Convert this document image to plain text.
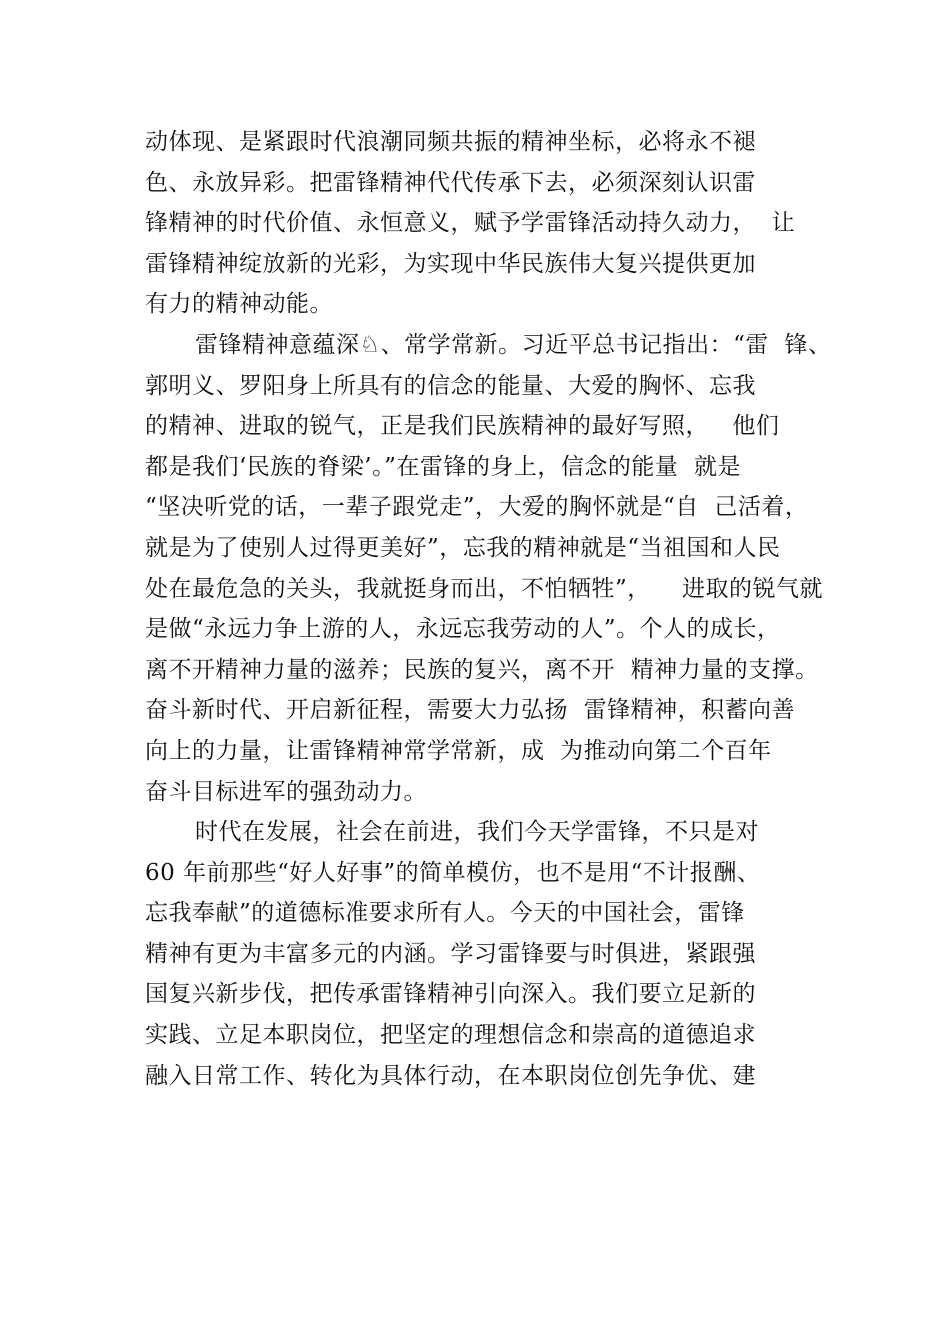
动体现、是紧跟时代浪潮同频共振的精神坐标，必将永不褪
色、永放异彩。把雷锋精神代代传承下去，必须深刻认识雷
锋精神的时代价值、永恒意义，赋予学雷锋活动持久动力，  让
雷锋精神绽放新的光彩，为实现中华民族伟大复兴提供更加
有力的精神动能。
雷锋精神意蕴深♘、常学常新。习近平总书记指出：“雷  锋、
郭明义、罗阳身上所具有的信念的能量、大爱的胸怀、忘我
的精神、进取的锐气，正是我们民族精神的最好写照，   他们
都是我们‘民族的脊梁’。”在雷锋的身上，信念的能量  就是
“坚决听党的话，一辈子跟党走”，大爱的胸怀就是“自  己活着，
就是为了使别人过得更美好”，忘我的精神就是“当祖国和人民
处在最危急的关头，我就挺身而出，不怕牺牲”，    进取的锐气就
是做“永远力争上游的人，永远忘我劳动的人”。个人的成长，
离不开精神力量的滋养；民族的复兴，离不开  精神力量的支撑。
奋斗新时代、开启新征程，需要大力弘扬  雷锋精神，积蓄向善
向上的力量，让雷锋精神常学常新，成  为推动向第二个百年
奋斗目标进军的强劲动力。
时代在发展，社会在前进，我们今天学雷锋，不只是对
60 年前那些“好人好事”的简单模仿，也不是用“不计报酬、
忘我奉献”的道德标准要求所有人。今天的中国社会，雷锋
精神有更为丰富多元的内涵。学习雷锋要与时俱进，紧跟强
国复兴新步伐，把传承雷锋精神引向深入。我们要立足新的
实践、立足本职岗位，把坚定的理想信念和崇高的道德追求
融入日常工作、转化为具体行动，在本职岗位创先争优、建
